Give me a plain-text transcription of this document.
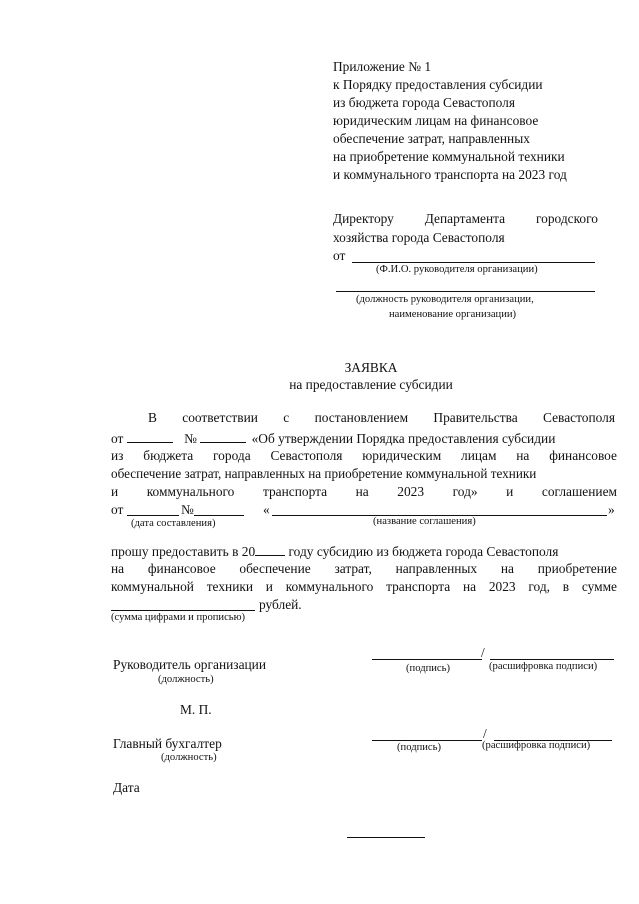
Приложение № 1
к Порядку предоставления субсидии
из бюджета города Севастополя
юридическим лицам на финансовое
обеспечение затрат, направленных
на приобретение коммунальной техники
и коммунального транспорта на 2023 год
Директору Департамента городского
хозяйства города Севастополя
от
(Ф.И.О. руководителя организации)
(должность руководителя организации,
наименование организации)
ЗАЯВКА
на предоставление субсидии
В соответствии с постановлением Правительства Севастополя
от	№	«Об утверждении Порядка предоставления субсидии
из бюджета города Севастополя юридическим лицам на финансовое
обеспечение затрат, направленных на приобретение коммунальной техники
и коммунального транспорта на 2023 год» и соглашением
от	№	«	»
(дата составления)	(название соглашения)
прошу предоставить в 20 году субсидию из бюджета города Севастополя
на финансовое обеспечение затрат, направленных на приобретение
коммунальной техники и коммунального транспорта на 2023 год, в сумме
рублей.
(сумма цифрами и прописью)
Руководитель организации
(должность)
/
(подпись)	(расшифровка подписи)
М. П.
Главный бухгалтер
(должность)
/
(подпись)	(расшифровка подписи)
Дата
